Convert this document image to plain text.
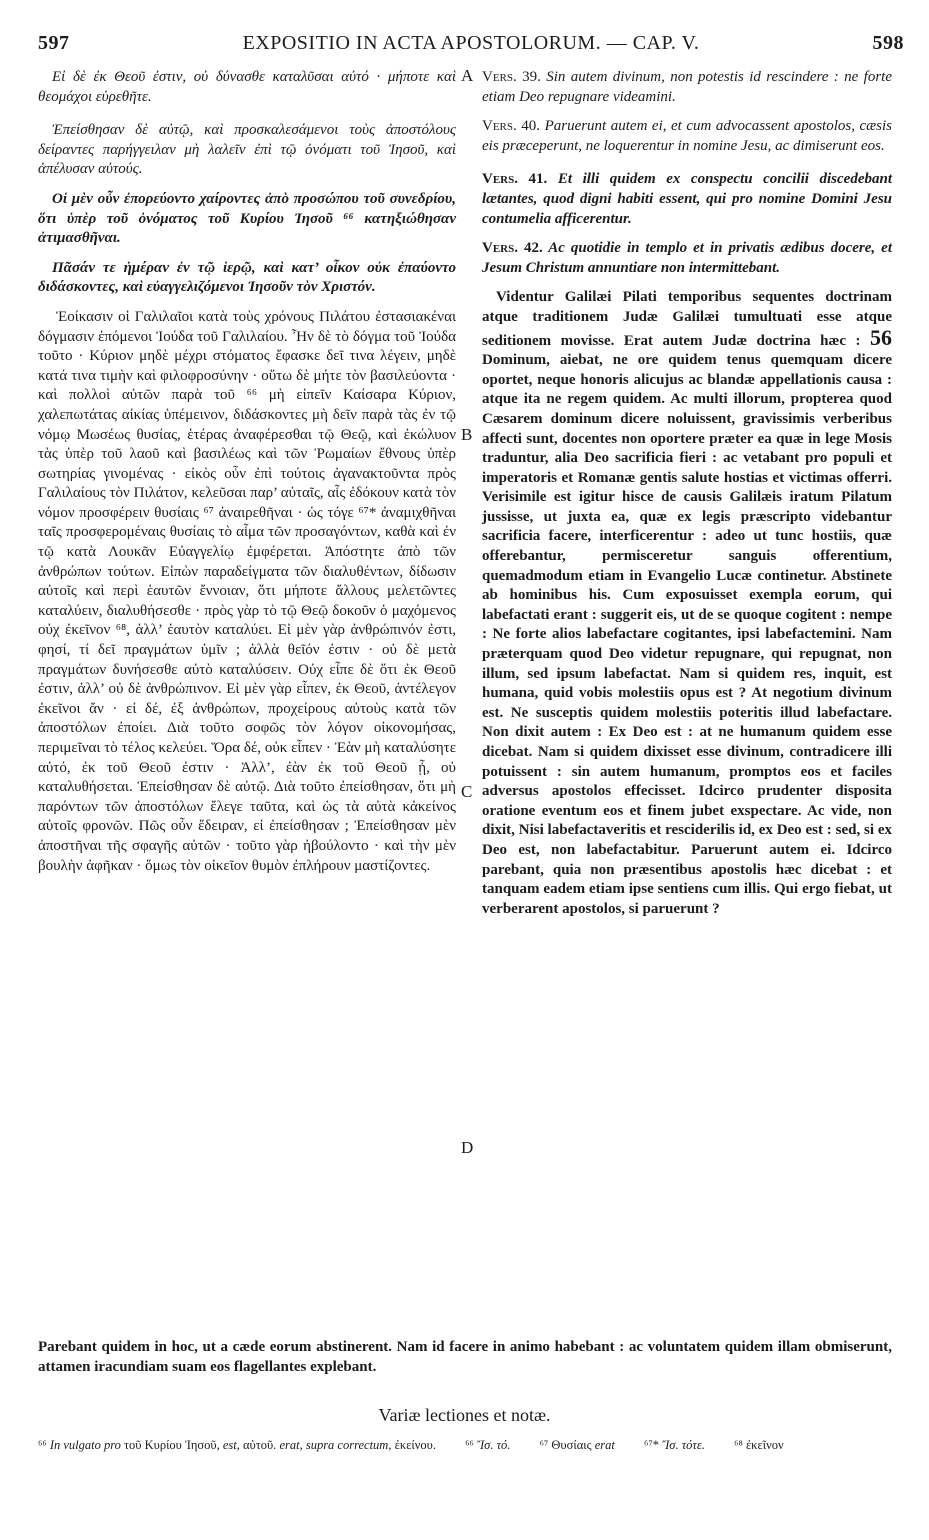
597	EXPOSITIO IN ACTA APOSTOLORUM. — CAP. V.	598
A
B
C
D

Εἰ δὲ ἐκ Θεοῦ ἐστιν, οὐ δύνασθε καταλῦσαι αὐτό · μήποτε καὶ θεομάχοι εὑρεθῆτε.

Ἐπείσθησαν δὲ αὐτῷ, καὶ προσκαλεσάμενοι τοὺς ἀποστόλους δείραντες παρήγγειλαν μὴ λαλεῖν ἐπὶ τῷ ὀνόματι τοῦ Ἰησοῦ, καὶ ἀπέλυσαν αὐτούς.

Οἱ μὲν οὖν ἐπορεύοντο χαίροντες ἀπὸ προσώπου τοῦ συνεδρίου, ὅτι ὑπὲρ τοῦ ὀνόματος τοῦ Κυρίου Ἰησοῦ ⁶⁶ κατηξιώθησαν ἀτιμασθῆναι.

Πᾶσάν τε ἡμέραν ἐν τῷ ἱερῷ, καὶ κατ’ οἶκον οὐκ ἐπαύοντο διδάσκοντες, καὶ εὐαγγελιζόμενοι Ἰησοῦν τὸν Χριστόν.

Ἐοίκασιν οἱ Γαλιλαῖοι κατὰ τοὺς χρόνους Πιλάτου ἐστασιακέναι δόγμασιν ἑπόμενοι Ἰούδα τοῦ Γαλιλαίου. Ἦν δὲ τὸ δόγμα τοῦ Ἰούδα τοῦτο · Κύριον μηδὲ μέχρι στόματος ἔφασκε δεῖ τινα λέγειν, μηδὲ κατά τινα τιμὴν καὶ φιλοφροσύνην · οὕτω δὲ μήτε τὸν βασιλεύοντα · καὶ πολλοὶ αὐτῶν παρὰ τοῦ ⁶⁶ μὴ εἰπεῖν Καίσαρα Κύριον, χαλεπωτάτας αἰκίας ὑπέμεινον, διδάσκοντες μὴ δεῖν παρὰ τὰς ἐν τῷ νόμῳ Μωσέως θυσίας, ἑτέρας ἀναφέρεσθαι τῷ Θεῷ, καὶ ἐκώλυον τὰς ὑπὲρ τοῦ λαοῦ καὶ βασιλέως καὶ τῶν Ῥωμαίων ἔθνους ὑπὲρ σωτηρίας γινομένας · εἰκὸς οὖν ἐπὶ τούτοις ἀγανακτοῦντα πρὸς Γαλιλαίους τὸν Πιλάτον, κελεῦσαι παρ’ αὐταῖς, αἷς ἐδόκουν κατὰ τὸν νόμον προσφέρειν θυσίαις ⁶⁷ ἀναιρεθῆναι · ὡς τόγε ⁶⁷* ἀναμιχθῆναι ταῖς προσφερομέναις θυσίαις τὸ αἷμα τῶν προσαγόντων, καθὰ καὶ ἐν τῷ κατὰ Λουκᾶν Εὐαγγελίῳ ἐμφέρεται. Ἀπόστητε ἀπὸ τῶν ἀνθρώπων τούτων. Εἰπὼν παραδείγματα τῶν διαλυθέντων, δίδωσιν αὐτοῖς καὶ περὶ ἑαυτῶν ἔννοιαν, ὅτι μήποτε ἄλλους μελετῶντες καταλύειν, διαλυθήσεσθε · πρὸς γὰρ τὸ τῷ Θεῷ δοκοῦν ὁ μαχόμενος οὐχ ἐκεῖνον ⁶⁸, ἀλλ’ ἑαυτὸν καταλύει. Εἰ μὲν γὰρ ἀνθρώπινόν ἐστι, φησί, τί δεῖ πραγμάτων ὑμῖν ; ἀλλὰ θεῖόν ἐστιν · οὐ δὲ μετὰ πραγμάτων δυνήσεσθε αὐτὸ καταλύσειν. Οὐχ εἶπε δὲ ὅτι ἐκ Θεοῦ ἐστιν, ἀλλ’ οὐ δὲ ἀνθρώπινον. Εἰ μὲν γὰρ εἶπεν, ἐκ Θεοῦ, ἀντέλεγον ἐκεῖνοι ἄν · εἰ δέ, ἐξ ἀνθρώπων, προχείρους αὐτοὺς κατὰ τῶν ἀποστόλων ἐποίει. Διὰ τοῦτο σοφῶς τὸν λόγον οἰκονομήσας, περιμεῖναι τὸ τέλος κελεύει. Ὅρα δέ, οὐκ εἶπεν · Ἐὰν μὴ καταλύσητε αὐτό, ἐκ τοῦ Θεοῦ ἐστιν · Ἀλλ’, ἐὰν ἐκ τοῦ Θεοῦ ᾖ, οὐ καταλυθήσεται. Ἐπείσθησαν δὲ αὐτῷ. Διὰ τοῦτο ἐπείσθησαν, ὅτι μὴ παρόντων τῶν ἀποστόλων ἔλεγε ταῦτα, καὶ ὡς τὰ αὐτὰ κἀκείνος αὐτοῖς φρονῶν. Πῶς οὖν ἔδειραν, εἰ ἐπείσθησαν ; Ἐπείσθησαν μὲν ἀποστῆναι τῆς σφαγῆς αὐτῶν · τοῦτο γὰρ ἠβούλοντο · καὶ τὴν μὲν βουλὴν ἀφῆκαν · ὅμως τὸν οἰκεῖον θυμὸν ἐπλήρουν μαστίζοντες.

Vers. 39. Sin autem divinum, non potestis id rescindere : ne forte etiam Deo repugnare videamini.

Vers. 40. Paruerunt autem ei, et cum advocassent apostolos, cæsis eis præceperunt, ne loquerentur in nomine Jesu, ac dimiserunt eos.

Vers. 41. Et illi quidem ex conspectu concilii discedebant lætantes, quod digni habiti essent, qui pro nomine Domini Jesu contumelia afficerentur.

Vers. 42. Ac quotidie in templo et in privatis ædibus docere, et Jesum Christum annuntiare non intermittebant.

Videntur Galilæi Pilati temporibus sequentes doctrinam atque traditionem Judæ Galilæi tumultuati esse atque seditionem movisse. Erat autem Judæ doctrina hæc : 56 Dominum, aiebat, ne ore quidem tenus quemquam dicere oportet, neque honoris alicujus ac blandæ appellationis causa : atque ita ne regem quidem. Ac multi illorum, propterea quod Cæsarem dominum dicere noluissent, gravissimis verberibus affecti sunt, docentes non oportere præter ea quæ in lege Mosis traduntur, alia Deo sacrificia fieri : ac vetabant pro populi et imperatoris et Romanæ gentis salute hostias et victimas offerri. Verisimile est igitur hisce de causis Galilæis iratum Pilatum jussisse, ut juxta ea, quæ ex legis præscripto videbantur sacrificia facere, interficerentur : adeo ut tunc hostiis, quæ offerebantur, permisceretur sanguis offerentium, quemadmodum etiam in Evangelio Lucæ continetur. Abstinete ab hominibus his. Cum exposuisset exempla eorum, qui labefactati erant : suggerit eis, ut de se quoque cogitent : nempe : Ne forte alios labefactare cogitantes, ipsi labefactemini. Nam præterquam quod Deo videtur repugnare, qui repugnat, non illum, sed ipsum labefactat. Nam si quidem res, inquit, est humana, quid vobis molestiis opus est ? At negotium divinum est. Ne susceptis quidem molestiis poteritis illud labefactare. Non dixit autem : Ex Deo est : at ne humanum quidem esse dicebat. Nam si quidem dixisset esse divinum, contradicere illi potuissent : sin autem humanum, promptos eos et faciles adversus apostolos effecisset. Idcirco prudenter disposita oratione eventum eos et finem jubet exspectare. Ac vide, non dixit, Nisi labefactaveritis et resciderilis id, ex Deo est : sed, si ex Deo est, non labefactabitur. Paruerunt autem ei. Idcirco parebant, quia non præsentibus apostolis hæc dicebat : et tanquam eadem etiam ipse sentiens cum illis. Qui ergo fiebat, ut verberarent apostolos, si paruerunt ?

Parebant quidem in hoc, ut a cæde eorum abstinerent. Nam id facere in animo habebant : ac voluntatem quidem illam obmiserunt, attamen iracundiam suam eos flagellantes explebant.

Variæ lectiones et notæ.
⁶⁶ In vulgato pro τοῦ Κυρίου Ἰησοῦ, est, αὐτοῦ. erat, supra correctum, ἐκείνου. ⁶⁶ Ἴσ. τό. ⁶⁷ Θυσίαις erat ⁶⁷* Ἴσ. τότε. ⁶⁸ ἐκεῖνον
